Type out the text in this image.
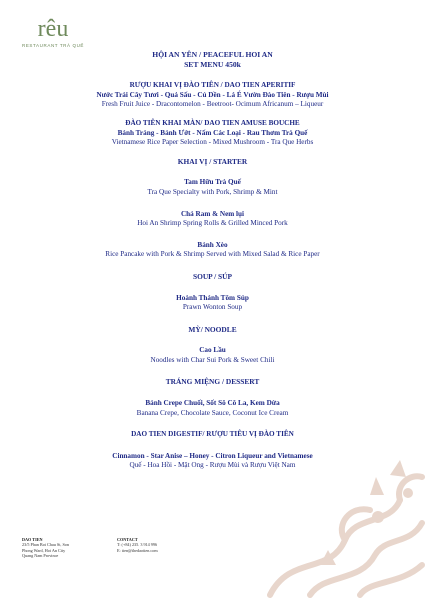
rêu
RESTAURANT TRÀ QUẾ
HỘI AN YÊN / PEACEFUL HOI AN
SET MENU 450k
RƯỢU KHAI VỊ ĐÀO TIÊN / DAO TIEN APERITIF
Nước Trái Cây Tươi - Quả Sấu - Củ Dền - Lá É Vườn Đào Tiên - Rượu Mùi
Fresh Fruit Juice - Dracontomelon - Beetroot- Ocimum Africanum – Liqueur
ĐÀO TIÊN KHAI MÀN/ DAO TIEN AMUSE BOUCHE
Bánh Tráng - Bánh Ướt - Nấm Các Loại - Rau Thơm Trà Quế
Vietnamese Rice Paper Selection - Mixed Mushroom - Tra Que Herbs
KHAI VỊ / STARTER
Tam Hữu Trà Quế
Tra Que Specialty with Pork, Shrimp & Mint
Chả Ram & Nem lụi
Hoi An Shrimp Spring Rolls & Grilled Minced Pork
Bánh Xèo
Rice Pancake with Pork & Shrimp Served with Mixed Salad & Rice Paper
SOUP / SÚP
Hoành Thánh Tôm Súp
Prawn Wonton Soup
MỲ/ NOODLE
Cao Lầu
Noodles with Char Sui Pork & Sweet Chili
TRÁNG MIỆNG / DESSERT
Bánh Crepe Chuối, Sốt Sô Cô La, Kem Dừa
Banana Crepe, Chocolate Sauce, Coconut Ice Cream
DAO TIEN DIGESTIF/ RƯỢU TIÊU VỊ ĐÀO TIÊN
Cinnamon - Star Anise – Honey - Citron Liqueur and Vietnamese
Quế - Hoa Hồi - Mật Ong - Rượu Mùi và Rượu Việt Nam
DAO TIEN
23/5 Phan Boi Chau St, Son
Phong Ward, Hoi An City
Quang Nam Province
CONTACT
T: (+84) 235. 3 914 996
E: tien@thedaotien.com
